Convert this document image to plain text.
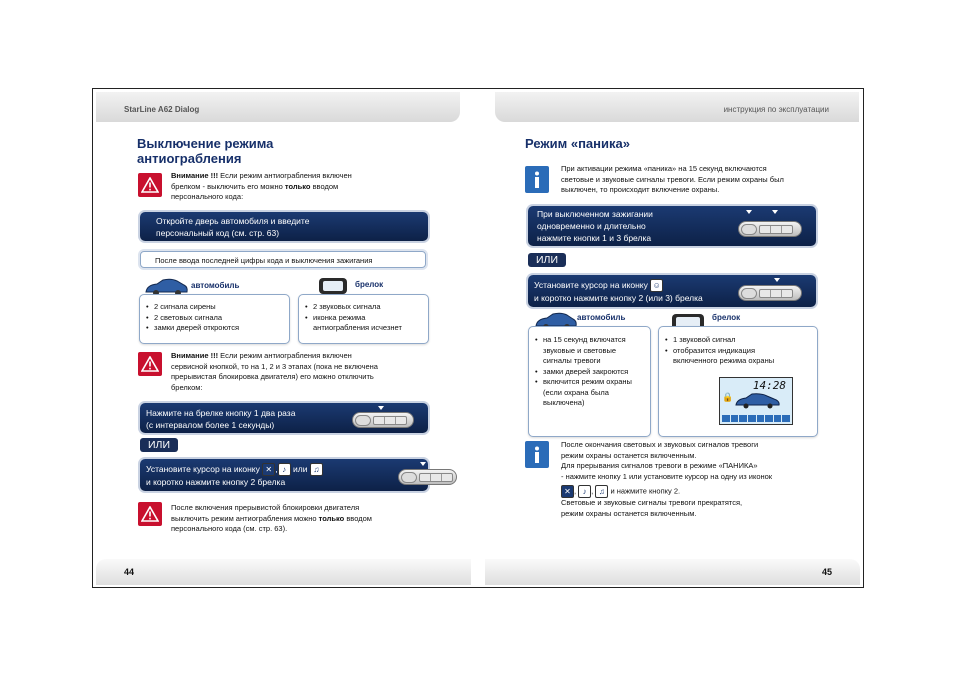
StarLine A62 Dialog
Выключение режима
антиограбления
Внимание !!! Если режим антиограбления включен
брелком - выключить его можно только вводом
персонального кода:
Откройте дверь автомобиля и введите
персональный код (см. стр. 63)
После ввода последней цифры кода и выключения зажигания
автомобиль	брелок
• 2 сигнала сирены
• 2 световых сигнала
• замки дверей откроются
• 2 звуковых сигнала
• иконка режима
антиограбления исчезнет
Внимание !!! Если режим антиограбления включен
сервисной кнопкой, то на 1, 2 и 3 этапах (пока не включена
прерывистая блокировка двигателя) его можно отключить
брелком:
Нажмите на брелке кнопку 1 два раза
(с интервалом более 1 секунды)
ИЛИ
Установите курсор на иконку ✕ , ♪ или ♫
и коротко нажмите кнопку 2 брелка
После включения прерывистой блокировки двигателя
выключить режим антиограбления можно только вводом
персонального кода (см. стр. 63).
44
инструкция по эксплуатации
Режим «паника»
При активации режима «паника» на 15 секунд включаются
световые и звуковые сигналы тревоги. Если режим охраны был
выключен, то происходит включение охраны.
При выключенном зажигании
одновременно и длительно
нажмите кнопки 1 и 3 брелка
ИЛИ
Установите курсор на иконку ☺
и коротко нажмите кнопку 2 (или 3) брелка
автомобиль	брелок
• на 15 секунд включатся
звуковые и световые
сигналы тревоги
• замки дверей закроются
• включится режим охраны
(если охрана была
выключена)
• 1 звуковой сигнал
• отобразится индикация
включенного режима охраны
14:28
🔒
После окончания световых и звуковых сигналов тревоги
режим охраны останется включенным.
Для прерывания сигналов тревоги в режиме «ПАНИКА»
- нажмите кнопку 1 или установите курсор на одну из иконок
✕ , ♪ , ♫ и нажмите кнопку 2.
Световые и звуковые сигналы тревоги прекратятся,
режим охраны останется включенным.
45
